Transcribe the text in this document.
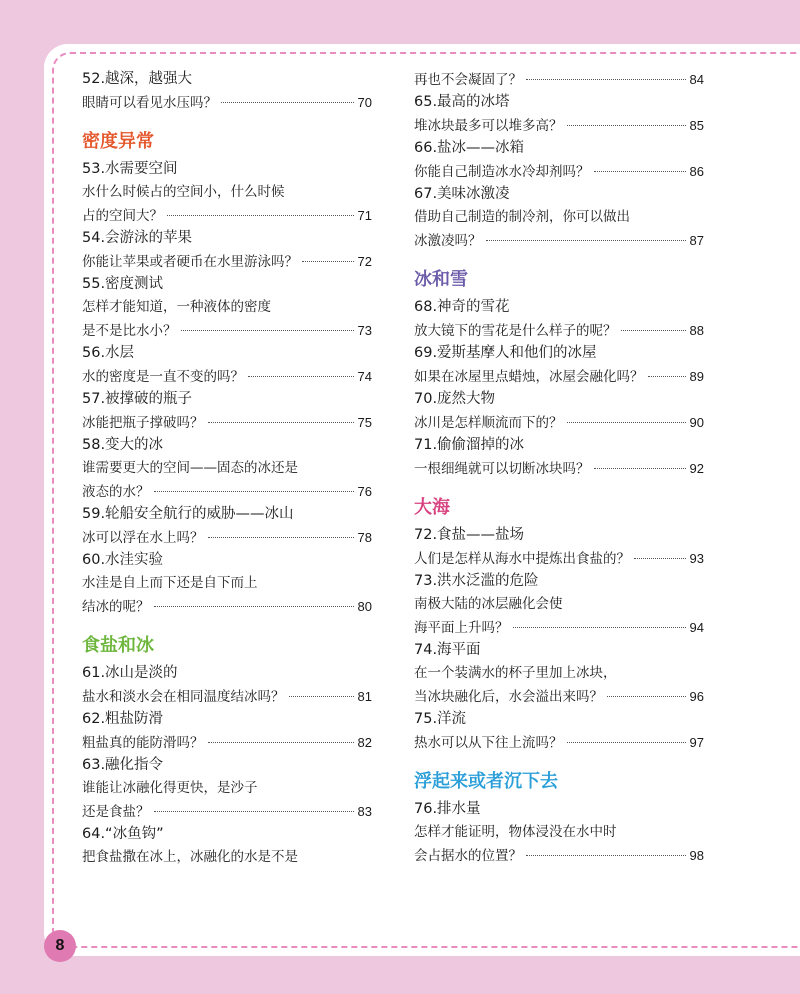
52.越深，越强大
眼睛可以看见水压吗？	70
密度异常
53.水需要空间
水什么时候占的空间小，什么时候
占的空间大？	71
54.会游泳的苹果
你能让苹果或者硬币在水里游泳吗？	72
55.密度测试
怎样才能知道，一种液体的密度
是不是比水小？	73
56.水层
水的密度是一直不变的吗？	74
57.被撑破的瓶子
冰能把瓶子撑破吗？	75
58.变大的冰
谁需要更大的空间——固态的冰还是
液态的水？	76
59.轮船安全航行的威胁——冰山
冰可以浮在水上吗？	78
60.水洼实验
水洼是自上而下还是自下而上
结冰的呢？	80
食盐和冰
61.冰山是淡的
盐水和淡水会在相同温度结冰吗？	81
62.粗盐防滑
粗盐真的能防滑吗？	82
63.融化指令
谁能让冰融化得更快，是沙子
还是食盐？	83
64.“冰鱼钩”
把食盐撒在冰上，冰融化的水是不是
再也不会凝固了？	84
65.最高的冰塔
堆冰块最多可以堆多高？	85
66.盐冰——冰箱
你能自己制造冰水冷却剂吗？	86
67.美味冰激凌
借助自己制造的制冷剂，你可以做出
冰激凌吗？	87
冰和雪
68.神奇的雪花
放大镜下的雪花是什么样子的呢？	88
69.爱斯基摩人和他们的冰屋
如果在冰屋里点蜡烛，冰屋会融化吗？	89
70.庞然大物
冰川是怎样顺流而下的？	90
71.偷偷溜掉的冰
一根细绳就可以切断冰块吗？	92
大海
72.食盐——盐场
人们是怎样从海水中提炼出食盐的？	93
73.洪水泛滥的危险
南极大陆的冰层融化会使
海平面上升吗？	94
74.海平面
在一个装满水的杯子里加上冰块，
当冰块融化后，水会溢出来吗？	96
75.洋流
热水可以从下往上流吗？	97
浮起来或者沉下去
76.排水量
怎样才能证明，物体浸没在水中时
会占据水的位置？	98
8
